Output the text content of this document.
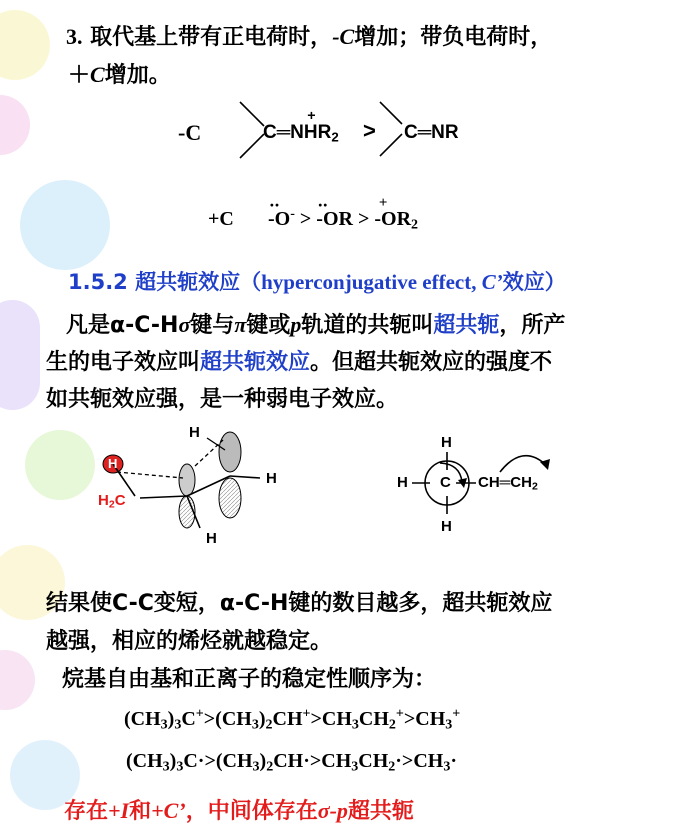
3. 取代基上带有正电荷时，-C增加；带负电荷时，
＋C增加。
-C	$C═NHR_2$ > C═NR
+C
·· -O- > ·· -OR > + $-OR_2$
1.5.2 超共轭效应（hyperconjugative effect, C’效应）
凡是α-C-Hσ键与π键或p轨道的共轭叫超共轭，所产
生的电子效应叫超共轭效应。但超共轭效应的强度不
如共轭效应强，是一种弱电子效应。
H
H
H
H
$H_2C$
H
H C $CH═CH_2$
H
结果使C-C变短，α-C-H键的数目越多，超共轭效应
越强，相应的烯烃就越稳定。
烷基自由基和正离子的稳定性顺序为：
$(CH_3)_3C^+>(CH_3)_2CH^+>CH_3CH_2^+>CH_3^+$
$(CH_3)_3C\cdot>(CH_3)_2CH\cdot>CH_3CH_2\cdot>CH_3\cdot$
存在+I和+C’，中间体存在σ-p超共轭
